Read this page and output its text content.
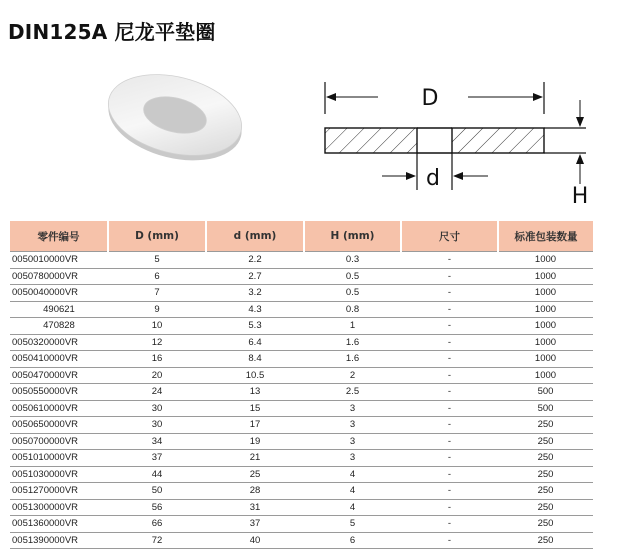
DIN125A 尼龙平垫圈
D
d
H
零件编号	D (mm)	d (mm)	H (mm)	尺寸	标准包装数量
0050010000VR	5	2.2	0.3	-	1000
0050780000VR	6	2.7	0.5	-	1000
0050040000VR	7	3.2	0.5	-	1000
490621	9	4.3	0.8	-	1000
470828	10	5.3	1	-	1000
0050320000VR	12	6.4	1.6	-	1000
0050410000VR	16	8.4	1.6	-	1000
0050470000VR	20	10.5	2	-	1000
0050550000VR	24	13	2.5	-	500
0050610000VR	30	15	3	-	500
0050650000VR	30	17	3	-	250
0050700000VR	34	19	3	-	250
0051010000VR	37	21	3	-	250
0051030000VR	44	25	4	-	250
0051270000VR	50	28	4	-	250
0051300000VR	56	31	4	-	250
0051360000VR	66	37	5	-	250
0051390000VR	72	40	6	-	250
